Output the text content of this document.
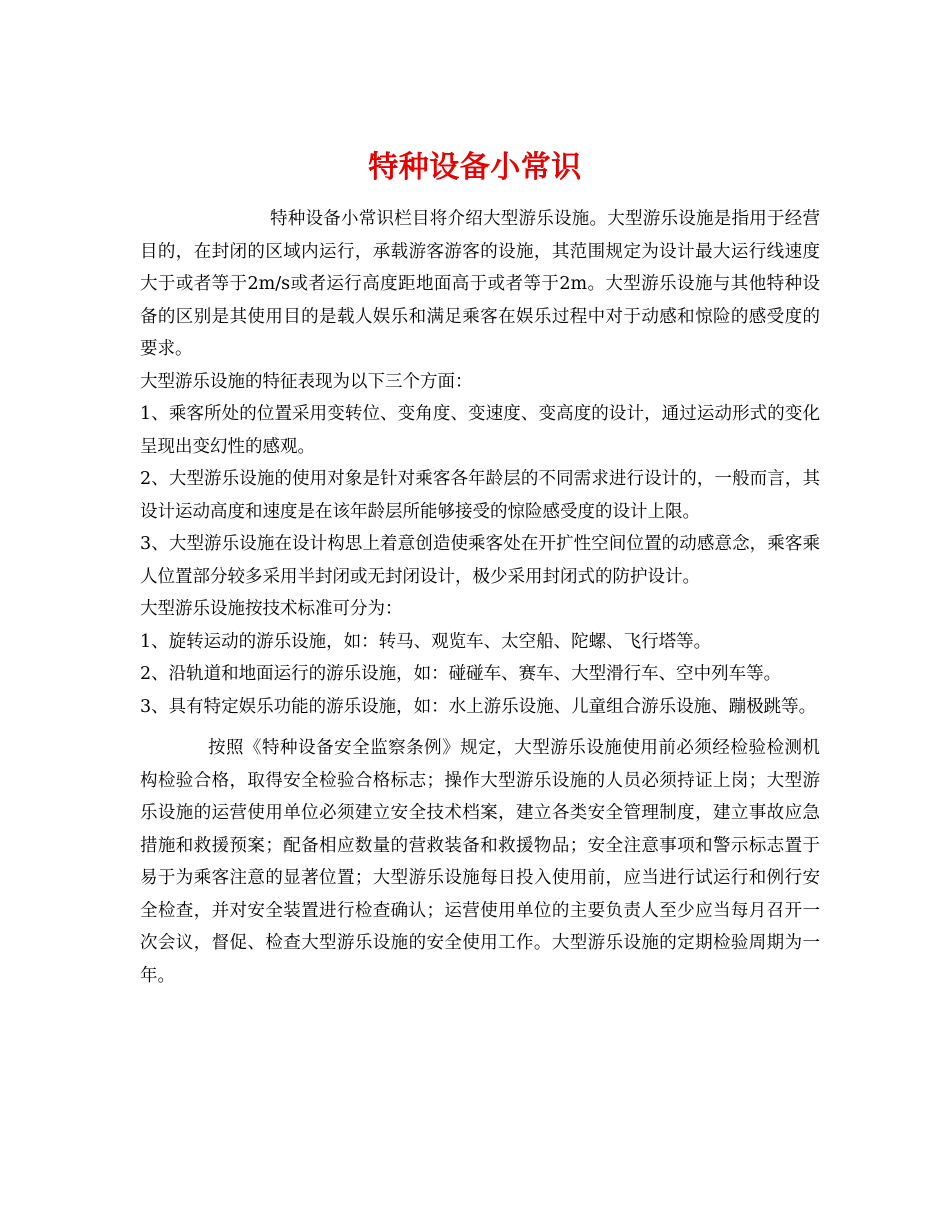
特种设备小常识

特种设备小常识栏目将介绍大型游乐设施。大型游乐设施是指用于经营目的，在封闭的区域内运行，承载游客游客的设施，其范围规定为设计最大运行线速度大于或者等于2m/s或者运行高度距地面高于或者等于2m。大型游乐设施与其他特种设备的区别是其使用目的是载人娱乐和满足乘客在娱乐过程中对于动感和惊险的感受度的要求。

大型游乐设施的特征表现为以下三个方面：

1、乘客所处的位置采用变转位、变角度、变速度、变高度的设计，通过运动形式的变化呈现出变幻性的感观。

2、大型游乐设施的使用对象是针对乘客各年龄层的不同需求进行设计的，一般而言，其设计运动高度和速度是在该年龄层所能够接受的惊险感受度的设计上限。

3、大型游乐设施在设计构思上着意创造使乘客处在开扩性空间位置的动感意念，乘客乘人位置部分较多采用半封闭或无封闭设计，极少采用封闭式的防护设计。

大型游乐设施按技术标准可分为：

1、旋转运动的游乐设施，如：转马、观览车、太空船、陀螺、飞行塔等。

2、沿轨道和地面运行的游乐设施，如：碰碰车、赛车、大型滑行车、空中列车等。

3、具有特定娱乐功能的游乐设施，如：水上游乐设施、儿童组合游乐设施、蹦极跳等。

按照《特种设备安全监察条例》规定，大型游乐设施使用前必须经检验检测机构检验合格，取得安全检验合格标志；操作大型游乐设施的人员必须持证上岗；大型游乐设施的运营使用单位必须建立安全技术档案，建立各类安全管理制度，建立事故应急措施和救援预案；配备相应数量的营救装备和救援物品；安全注意事项和警示标志置于易于为乘客注意的显著位置；大型游乐设施每日投入使用前，应当进行试运行和例行安全检查，并对安全装置进行检查确认；运营使用单位的主要负责人至少应当每月召开一次会议，督促、检查大型游乐设施的安全使用工作。大型游乐设施的定期检验周期为一年。
